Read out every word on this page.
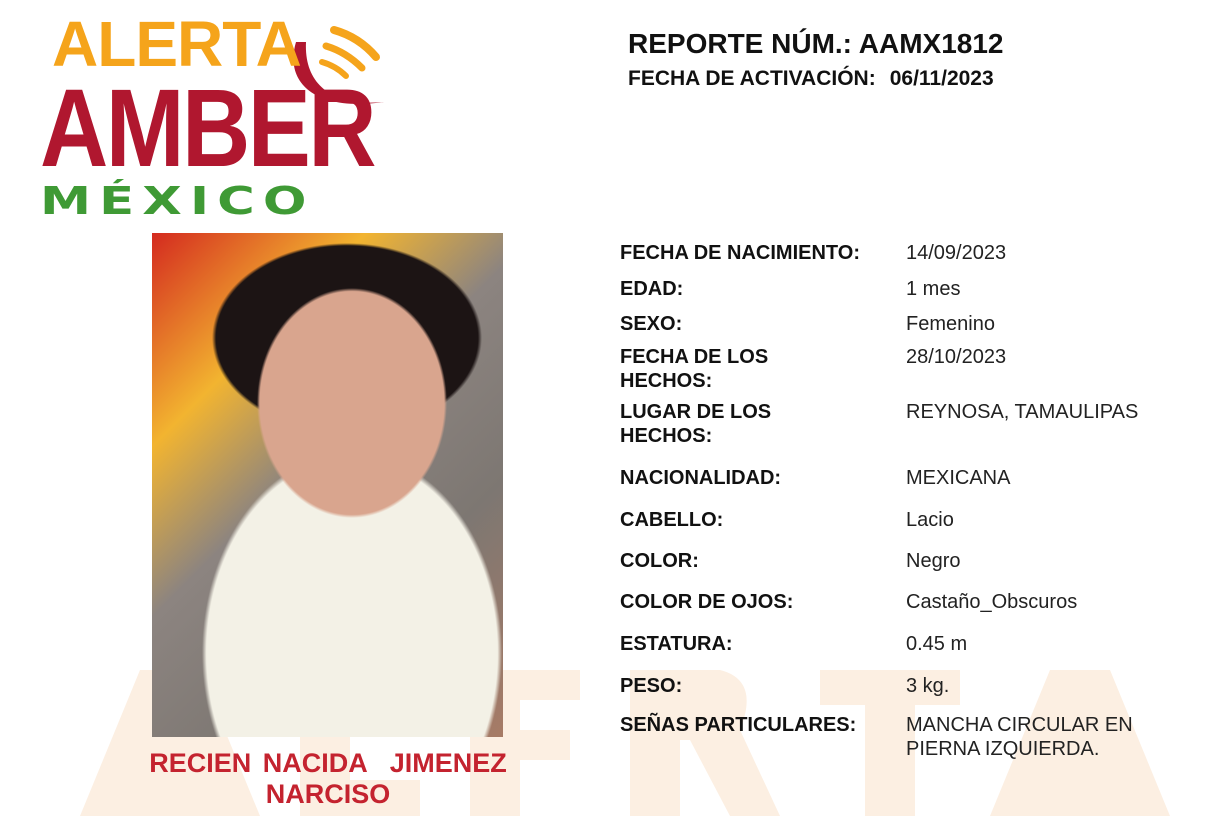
ALERTA
AMBER
MÉXICO
REPORTE NÚM.: AAMX1812
FECHA DE ACTIVACIÓN: 06/11/2023
RECIEN NACIDA  JIMENEZ
NARCISO
FECHA DE NACIMIENTO:	14/09/2023
EDAD:	1 mes
SEXO:	Femenino
FECHA DE LOS HECHOS:
28/10/2023
LUGAR DE LOS HECHOS:
REYNOSA, TAMAULIPAS
NACIONALIDAD:	MEXICANA
CABELLO:	Lacio
COLOR:	Negro
COLOR DE OJOS:	Castaño_Obscuros
ESTATURA:	0.45 m
PESO:	3 kg.
SEÑAS PARTICULARES:	MANCHA CIRCULAR EN PIERNA IZQUIERDA.
